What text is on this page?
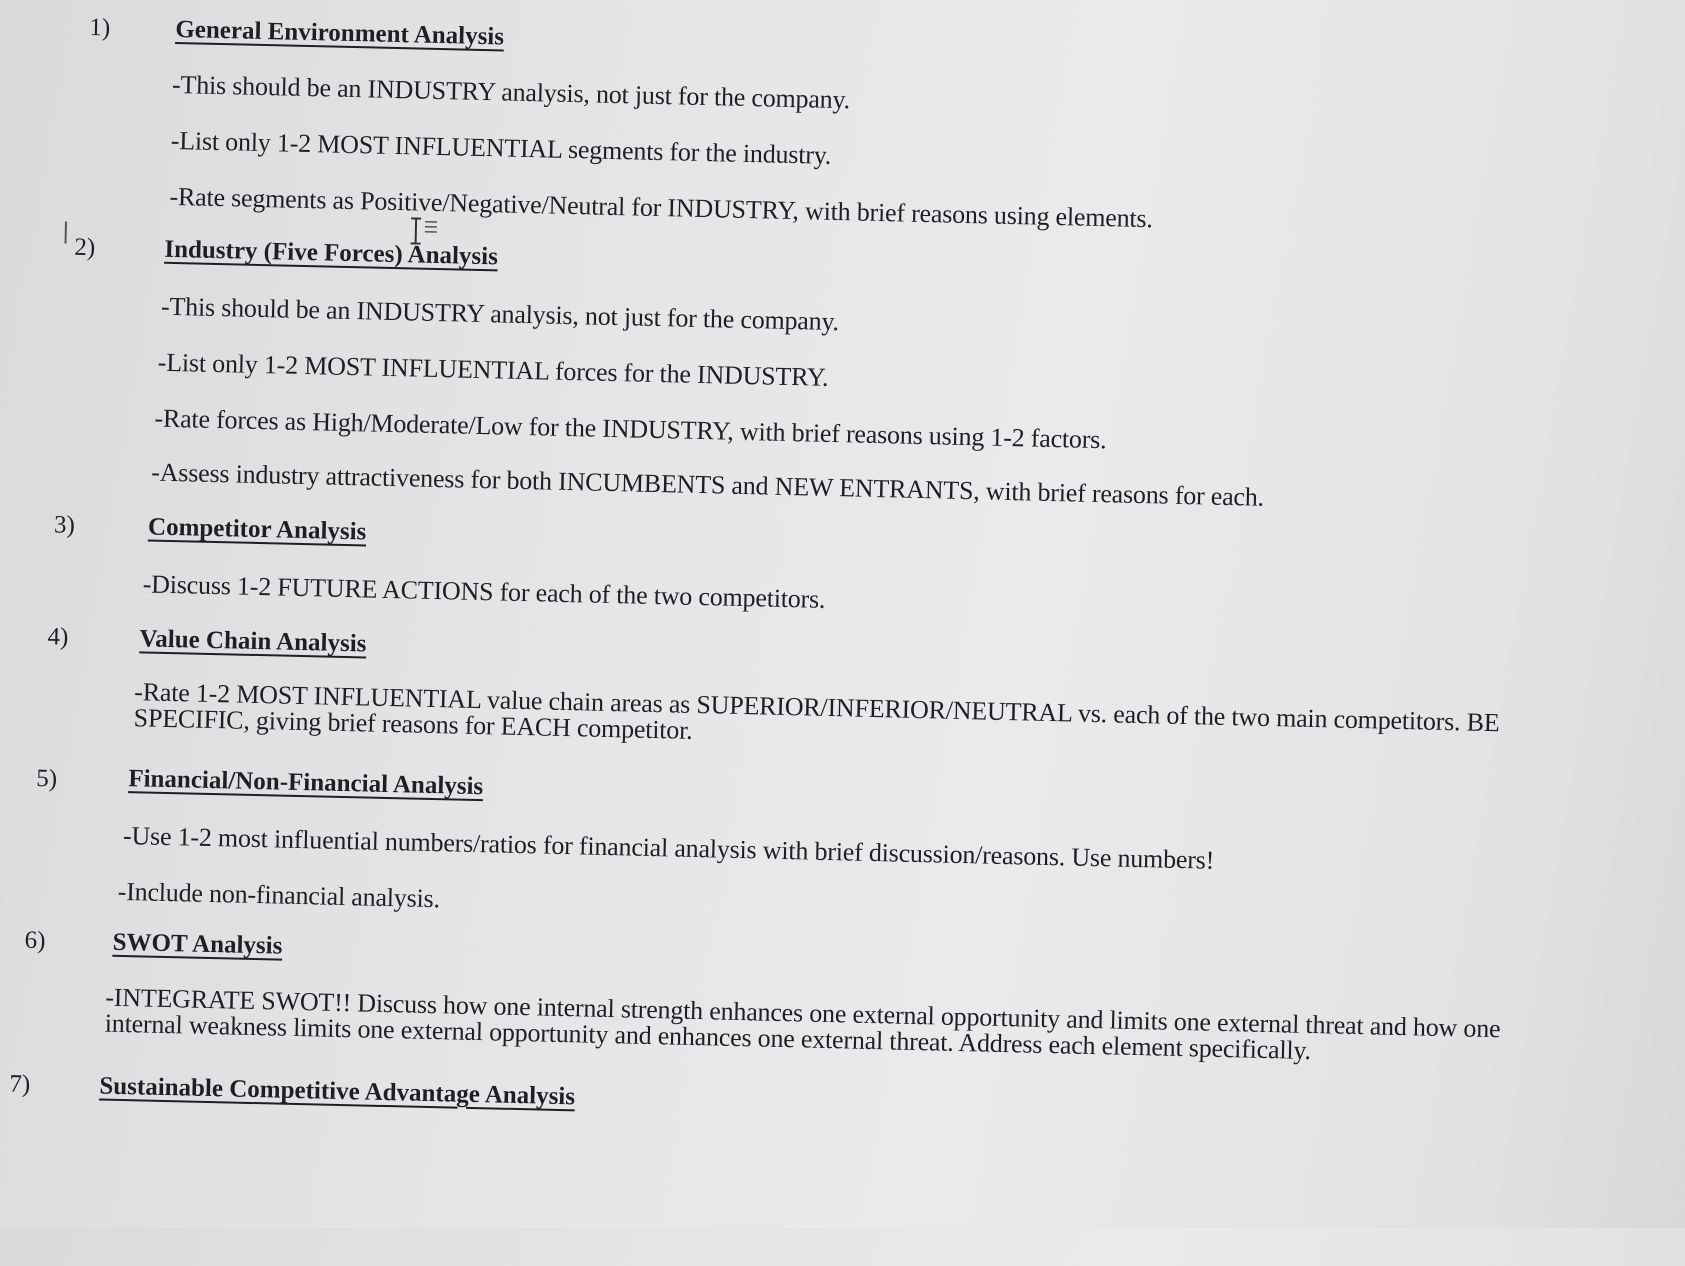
1)	General Environment Analysis
-This should be an INDUSTRY analysis, not just for the company.
-List only 1-2 MOST INFLUENTIAL segments for the industry.
-Rate segments as Positive/Negative/Neutral for INDUSTRY, with brief reasons using elements.
2)	Industry (Five Forces) Analysis
-This should be an INDUSTRY analysis, not just for the company.
-List only 1-2 MOST INFLUENTIAL forces for the INDUSTRY.
-Rate forces as High/Moderate/Low for the INDUSTRY, with brief reasons using 1-2 factors.
-Assess industry attractiveness for both INCUMBENTS and NEW ENTRANTS, with brief reasons for each.
3)	Competitor Analysis
-Discuss 1-2 FUTURE ACTIONS for each of the two competitors.
4)	Value Chain Analysis
-Rate 1-2 MOST INFLUENTIAL value chain areas as SUPERIOR/INFERIOR/NEUTRAL vs. each of the two main competitors. BE SPECIFIC, giving brief reasons for EACH competitor.
5)	Financial/Non-Financial Analysis
-Use 1-2 most influential numbers/ratios for financial analysis with brief discussion/reasons. Use numbers!
-Include non-financial analysis.
6)	SWOT Analysis
-INTEGRATE SWOT!! Discuss how one internal strength enhances one external opportunity and limits one external threat and how one internal weakness limits one external opportunity and enhances one external threat. Address each element specifically.
7)	Sustainable Competitive Advantage Analysis
